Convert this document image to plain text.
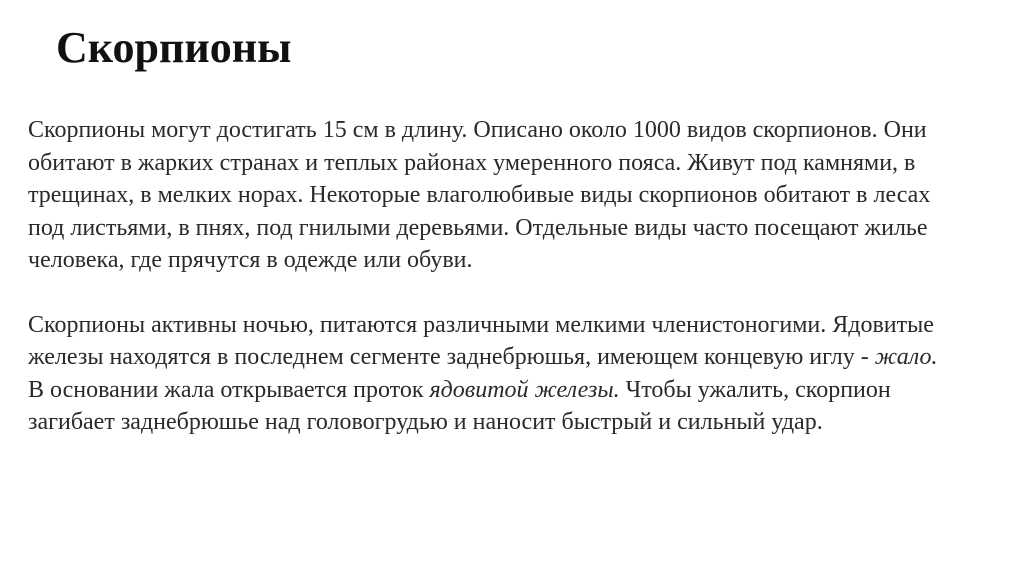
Скорпионы

Скорпионы могут достигать 15 см в длину. Описано около 1000 видов скорпионов. Они
обитают в жарких странах и теплых районах умеренного пояса. Живут под камнями, в
трещинах, в мелких норах. Некоторые влаголюбивые виды скорпионов обитают в лесах
под листьями, в пнях, под гнилыми деревьями. Отдельные виды часто посещают жилье
человека, где прячутся в одежде или обуви.

Скорпионы активны ночью, питаются различными мелкими членистоногими. Ядовитые
железы находятся в последнем сегменте заднебрюшья, имеющем концевую иглу - жало.
В основании жала открывается проток ядовитой железы. Чтобы ужалить, скорпион
загибает заднебрюшье над головогрудью и наносит быстрый и сильный удар.
